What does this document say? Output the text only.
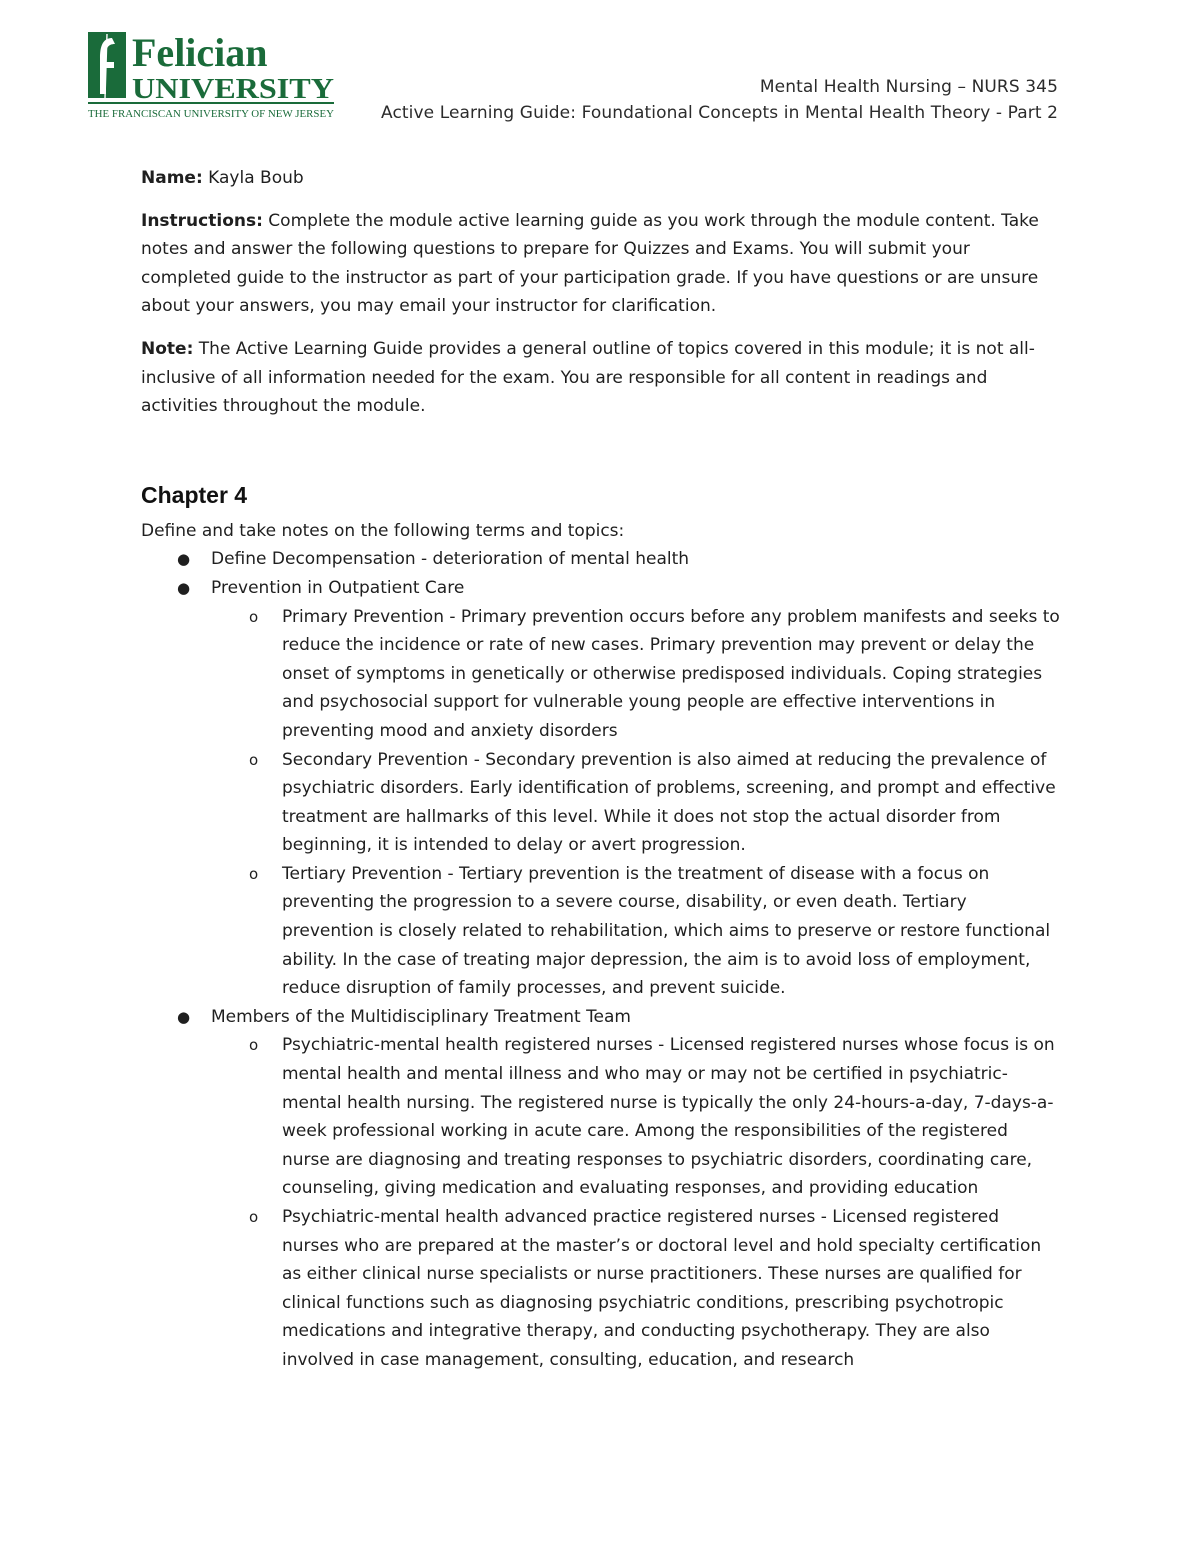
Felician
UNIVERSITY
THE FRANCISCAN UNIVERSITY OF NEW JERSEY
Mental Health Nursing – NURS 345
Active Learning Guide: Foundational Concepts in Mental Health Theory - Part 2

Name: Kayla Boub

Instructions: Complete the module active learning guide as you work through the module content. Take notes and answer the following questions to prepare for Quizzes and Exams. You will submit your completed guide to the instructor as part of your participation grade. If you have questions or are unsure about your answers, you may email your instructor for clarification.

Note: The Active Learning Guide provides a general outline of topics covered in this module; it is not all-inclusive of all information needed for the exam. You are responsible for all content in readings and activities throughout the module.

Chapter 4

Define and take notes on the following terms and topics:

● Define Decompensation - deterioration of mental health
● Prevention in Outpatient Care
o Primary Prevention - Primary prevention occurs before any problem manifests and seeks to reduce the incidence or rate of new cases. Primary prevention may prevent or delay the onset of symptoms in genetically or otherwise predisposed individuals. Coping strategies and psychosocial support for vulnerable young people are effective interventions in preventing mood and anxiety disorders
o Secondary Prevention - Secondary prevention is also aimed at reducing the prevalence of psychiatric disorders. Early identification of problems, screening, and prompt and effective treatment are hallmarks of this level. While it does not stop the actual disorder from beginning, it is intended to delay or avert progression.
o Tertiary Prevention - Tertiary prevention is the treatment of disease with a focus on preventing the progression to a severe course, disability, or even death. Tertiary prevention is closely related to rehabilitation, which aims to preserve or restore functional ability. In the case of treating major depression, the aim is to avoid loss of employment, reduce disruption of family processes, and prevent suicide.
● Members of the Multidisciplinary Treatment Team
o Psychiatric-mental health registered nurses - Licensed registered nurses whose focus is on mental health and mental illness and who may or may not be certified in psychiatric-mental health nursing. The registered nurse is typically the only 24-hours-a-day, 7-days-a-week professional working in acute care. Among the responsibilities of the registered nurse are diagnosing and treating responses to psychiatric disorders, coordinating care, counseling, giving medication and evaluating responses, and providing education
o Psychiatric-mental health advanced practice registered nurses - Licensed registered nurses who are prepared at the master’s or doctoral level and hold specialty certification as either clinical nurse specialists or nurse practitioners. These nurses are qualified for clinical functions such as diagnosing psychiatric conditions, prescribing psychotropic medications and integrative therapy, and conducting psychotherapy. They are also involved in case management, consulting, education, and research
